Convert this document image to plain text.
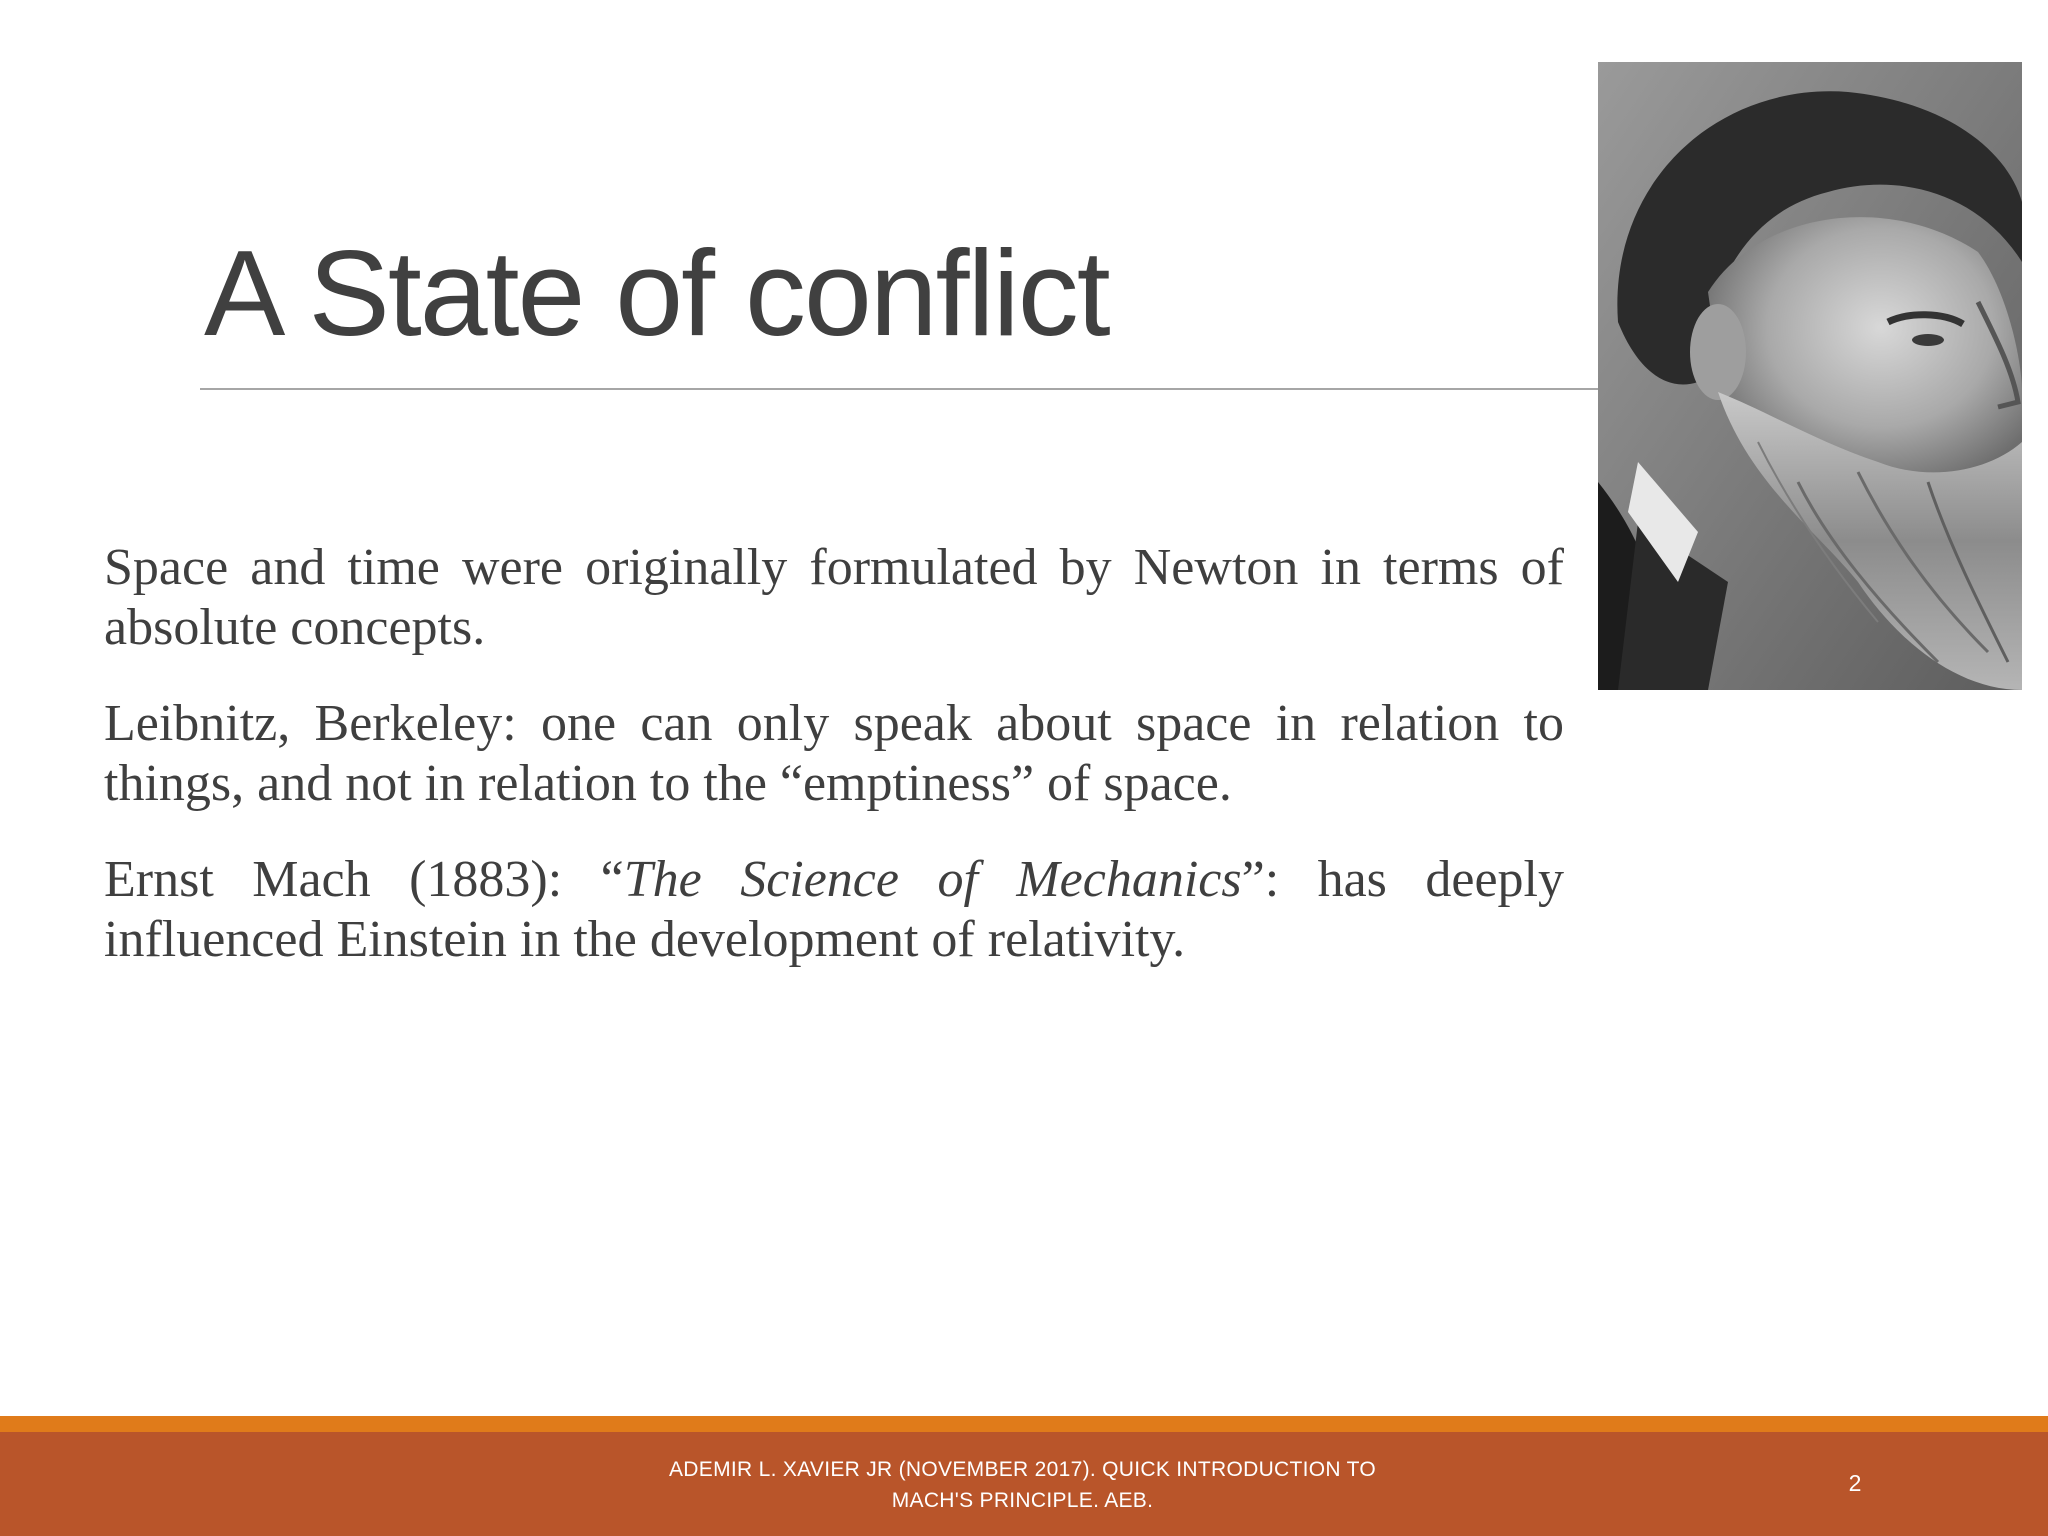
A State of conflict

Space and time were originally formulated by Newton in terms of absolute concepts.

Leibnitz, Berkeley: one can only speak about space in relation to things, and not in relation to the “emptiness” of space.

Ernst Mach (1883): “The Science of Mechanics”: has deeply influenced Einstein in the development of relativity.

ADEMIR L. XAVIER JR (NOVEMBER 2017). QUICK INTRODUCTION TO
MACH'S PRINCIPLE. AEB.
2
